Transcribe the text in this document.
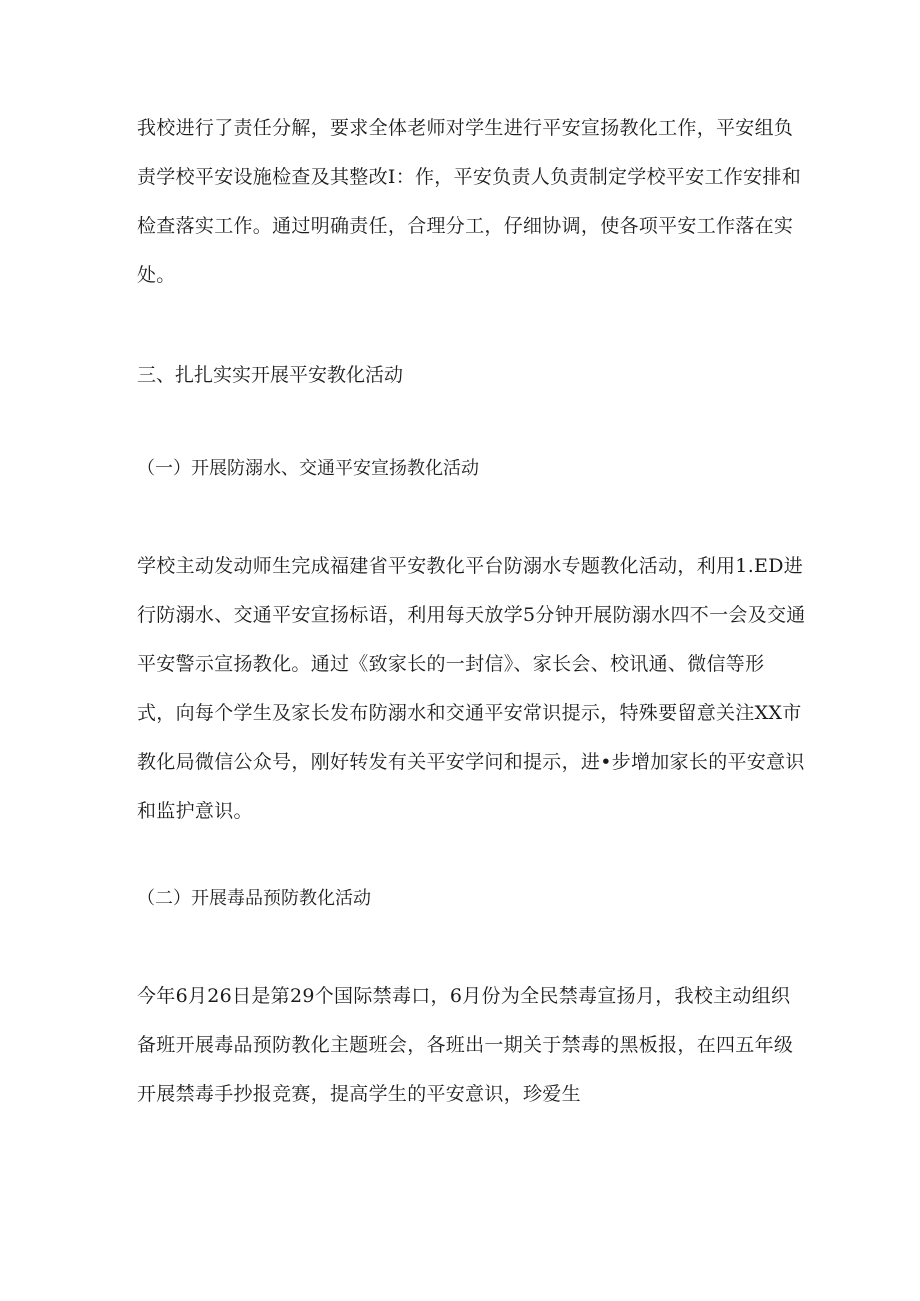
我校进行了责任分解，要求全体老师对学生进行平安宣扬教化工作，平安组负
责学校平安设施检查及其整改I：作，平安负责人负责制定学校平安工作安排和
检查落实工作。通过明确责任，合理分工，仔细协调，使各项平安工作落在实
处。

三、扎扎实实开展平安教化活动
（一）开展防溺水、交通平安宣扬教化活动

学校主动发动师生完成福建省平安教化平台防溺水专题教化活动，利用1.ED进
行防溺水、交通平安宣扬标语，利用每天放学5分钟开展防溺水四不一会及交通
平安警示宣扬教化。通过《致家长的一封信》、家长会、校讯通、微信等形
式，向每个学生及家长发布防溺水和交通平安常识提示，特殊要留意关注XX市
教化局微信公众号，刚好转发有关平安学问和提示，进•步增加家长的平安意识
和监护意识。

（二）开展毒品预防教化活动

今年6月26日是第29个国际禁毒口，6月份为全民禁毒宣扬月，我校主动组织
备班开展毒品预防教化主题班会，各班出一期关于禁毒的黑板报，在四五年级
开展禁毒手抄报竞赛，提高学生的平安意识，珍爱生
